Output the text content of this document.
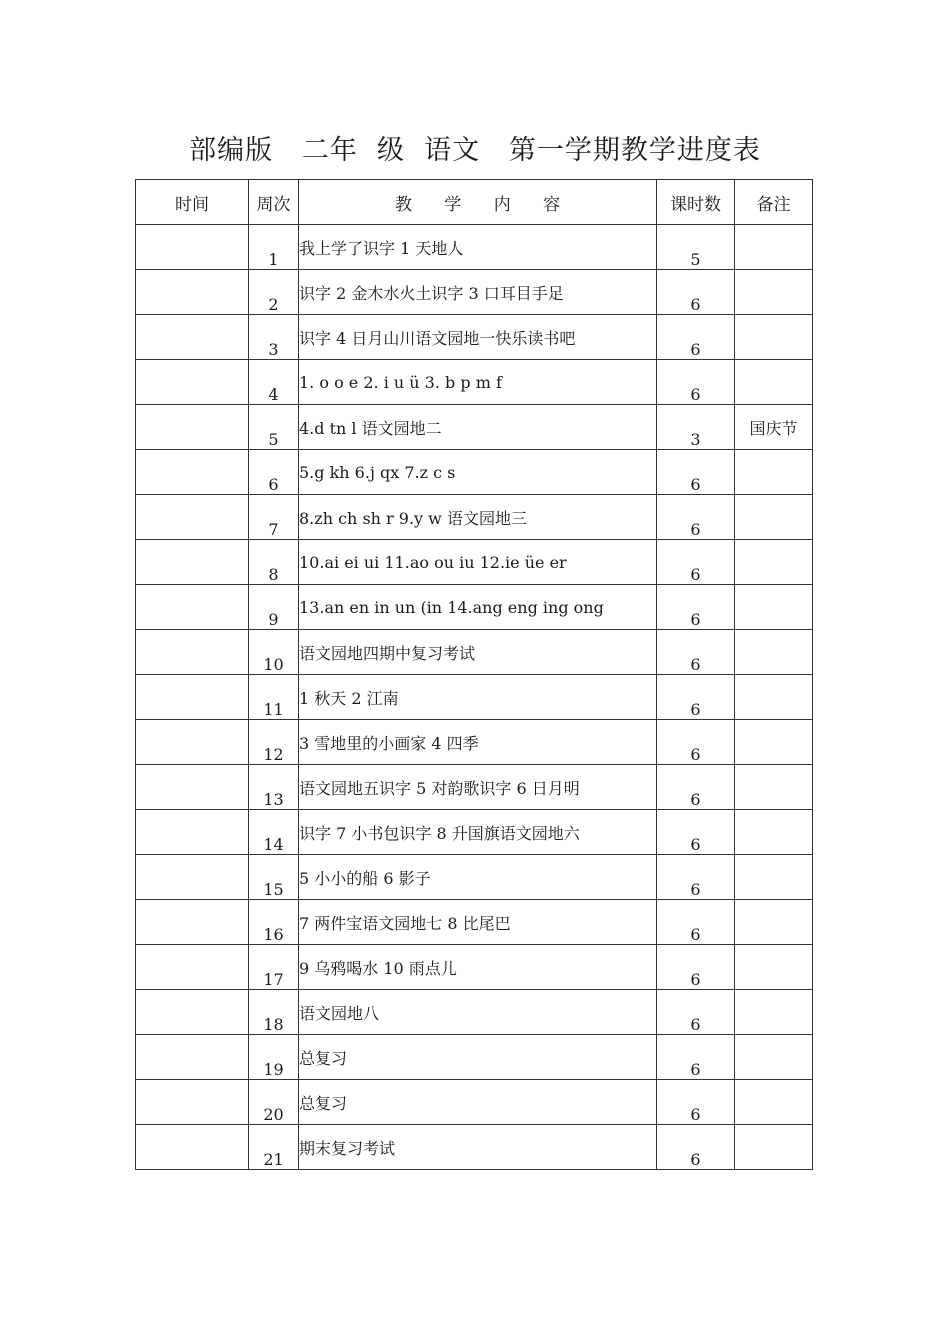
部编版   二年  级  语文   第一学期教学进度表
时间	周次	教      学      内      容	课时数	备注
	1	我上学了识字 1 天地人	5	
	2	识字 2 金木水火土识字 3 口耳目手足	6	
	3	识字 4 日月山川语文园地一快乐读书吧	6	
	4	1. o o e 2. i u ü 3. b p m f	6	
	5	4.d tn l 语文园地二	3	国庆节
	6	5.g kh 6.j qx 7.z c s	6	
	7	8.zh ch sh r 9.y w 语文园地三	6	
	8	10.ai ei ui 11.ao ou iu 12.ie üe er	6	
	9	13.an en in un (in 14.ang eng ing ong	6	
	10	语文园地四期中复习考试	6	
	11	1 秋天 2 江南	6	
	12	3 雪地里的小画家 4 四季	6	
	13	语文园地五识字 5 对韵歌识字 6 日月明	6	
	14	识字 7 小书包识字 8 升国旗语文园地六	6	
	15	5 小小的船 6 影子	6	
	16	7 两件宝语文园地七 8 比尾巴	6	
	17	9 乌鸦喝水 10 雨点儿	6	
	18	语文园地八	6	
	19	总复习	6	
	20	总复习	6	
	21	期末复习考试	6	
